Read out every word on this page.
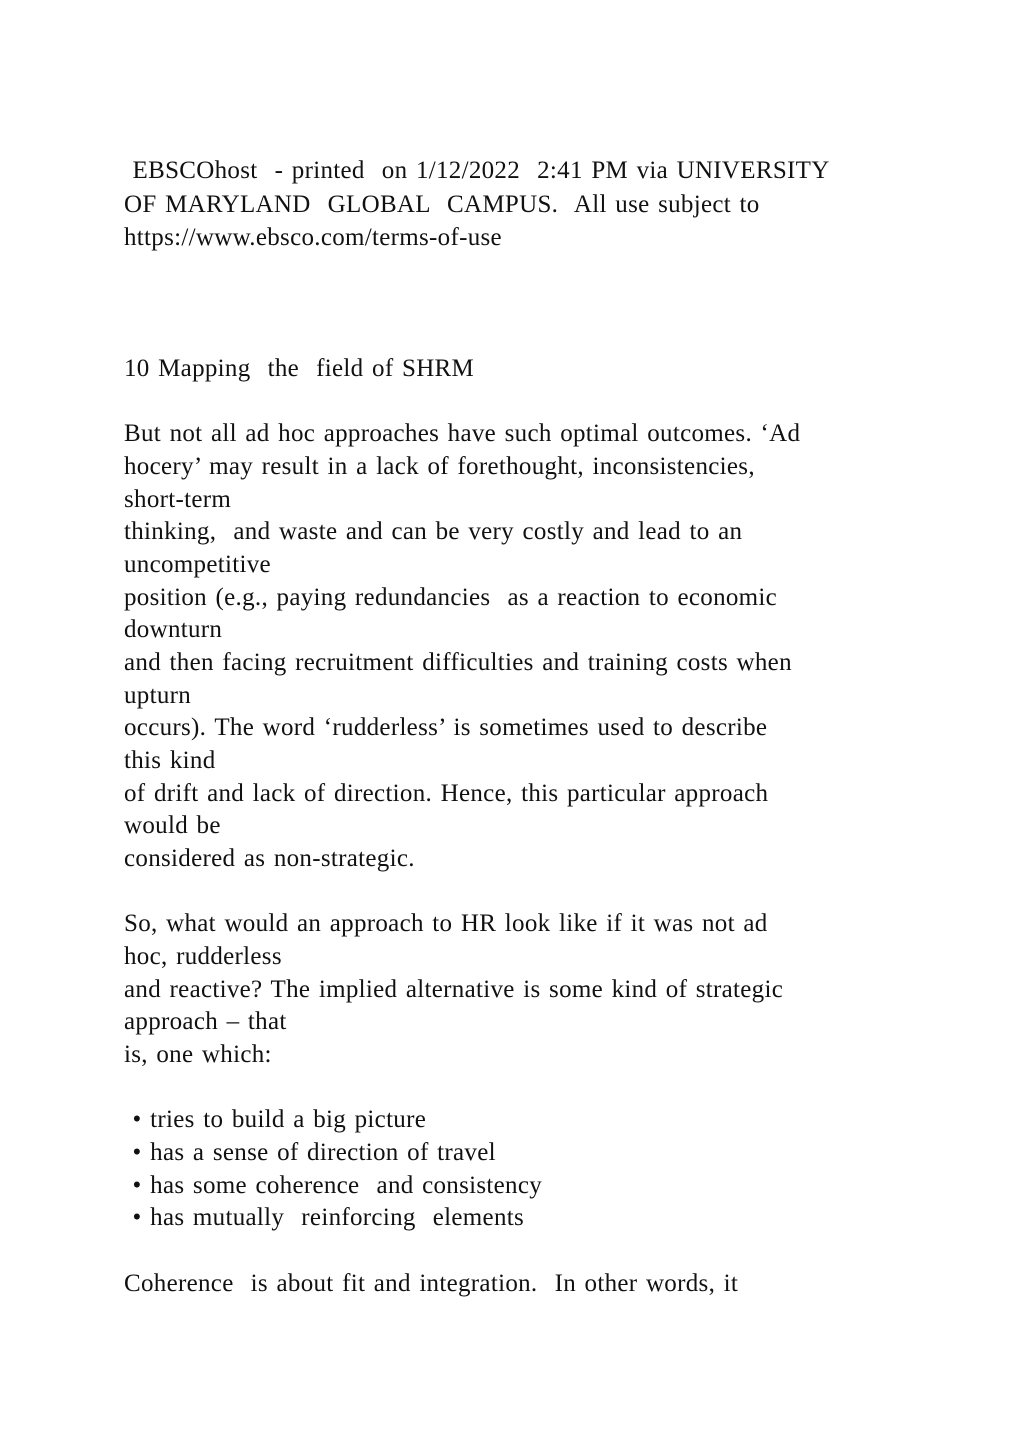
EBSCOhost  - printed  on 1/12/2022  2:41 PM via UNIVERSITY
OF MARYLAND  GLOBAL  CAMPUS.  All use subject to
https://www.ebsco.com/terms-of-use
10 Mapping  the  field of SHRM
But not all ad hoc approaches have such optimal outcomes. ‘Ad
hocery’ may result in a lack of forethought, inconsistencies,
short-term
thinking,  and waste and can be very costly and lead to an
uncompetitive
position (e.g., paying redundancies  as a reaction to economic
downturn
and then facing recruitment difficulties and training costs when
upturn
occurs). The word ‘rudderless’ is sometimes used to describe
this kind
of drift and lack of direction. Hence, this particular approach
would be
considered as non-strategic.
So, what would an approach to HR look like if it was not ad
hoc, rudderless
and reactive? The implied alternative is some kind of strategic
approach – that
is, one which:
• tries to build a big picture
• has a sense of direction of travel
• has some coherence  and consistency
• has mutually  reinforcing  elements
Coherence  is about fit and integration.  In other words, it
